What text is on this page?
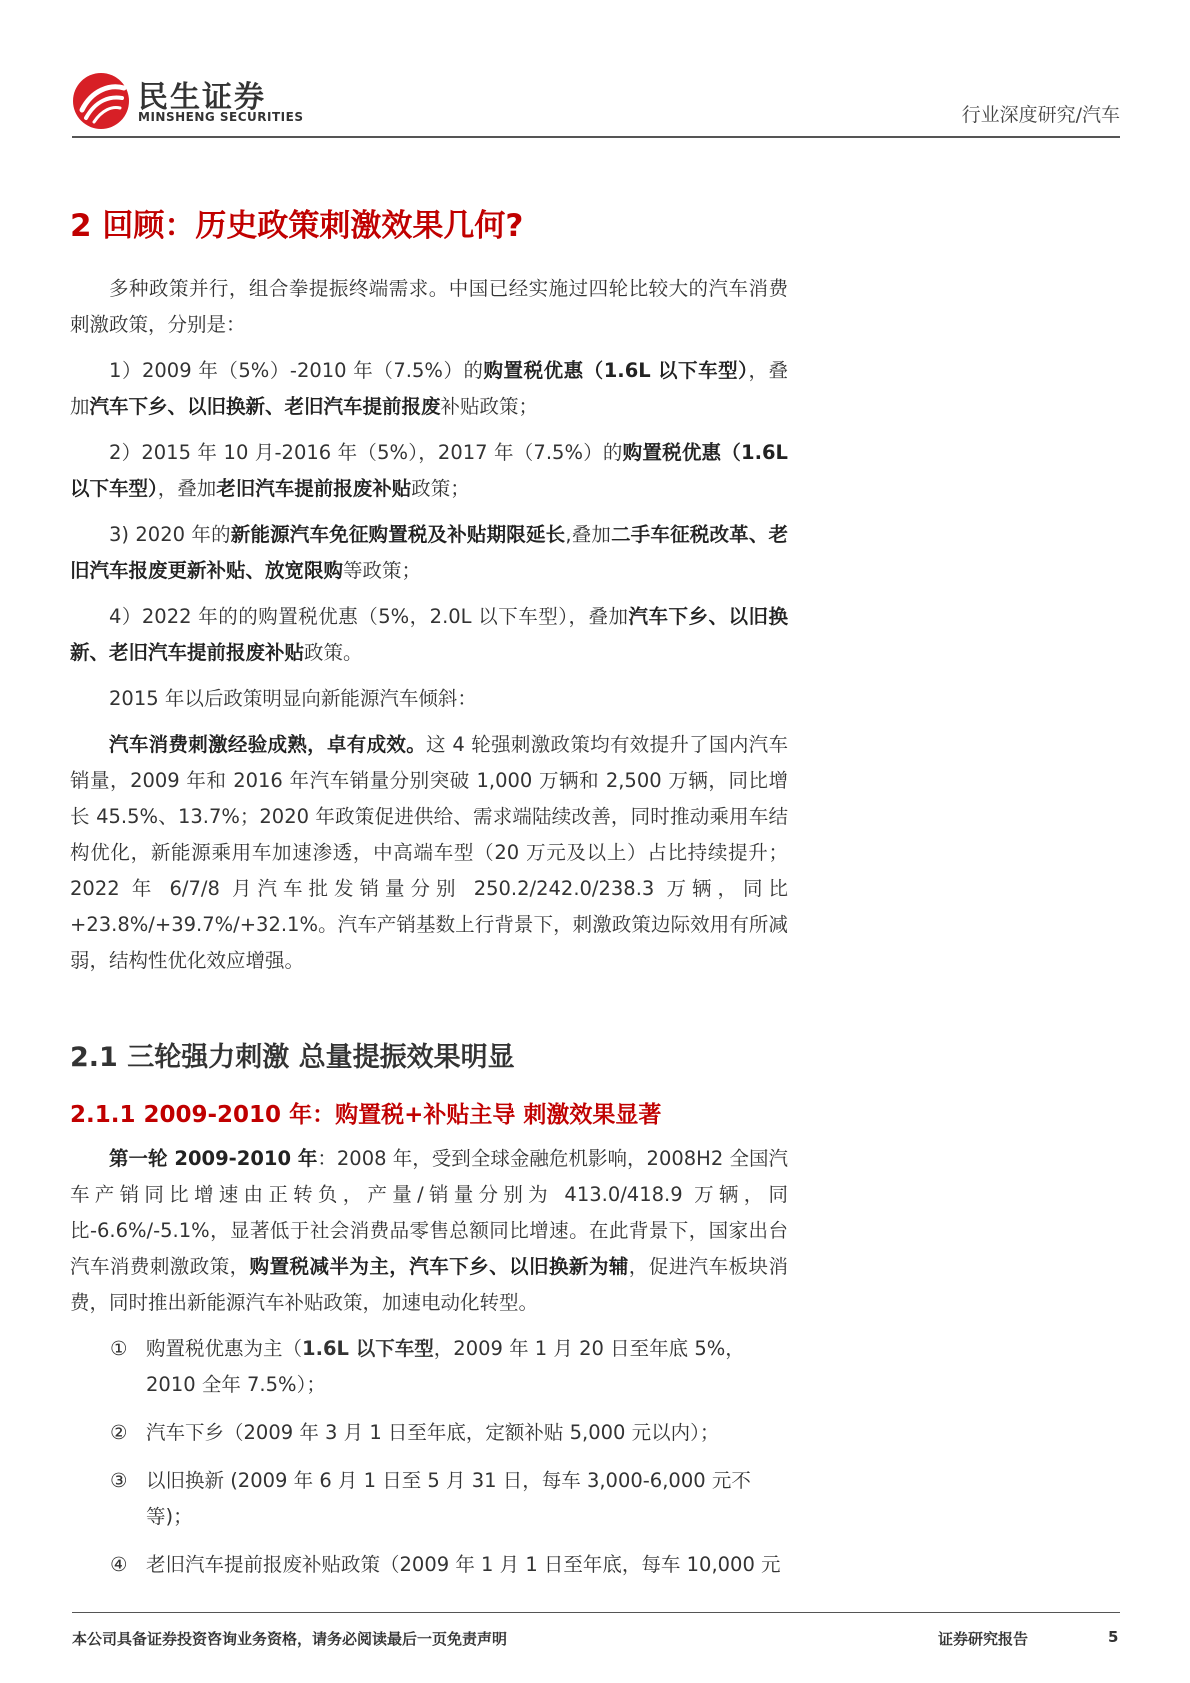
民生证券
MINSHENG SECURITIES	行业深度研究/汽车
2 回顾：历史政策刺激效果几何?

多种政策并行，组合拳提振终端需求。中国已经实施过四轮比较大的汽车消费刺激政策，分别是：

1）2009 年（5%）-2010 年（7.5%）的购置税优惠（1.6L 以下车型），叠加汽车下乡、以旧换新、老旧汽车提前报废补贴政策；

2）2015 年 10 月-2016 年（5%），2017 年（7.5%）的购置税优惠（1.6L 以下车型），叠加老旧汽车提前报废补贴政策；

3) 2020 年的新能源汽车免征购置税及补贴期限延长,叠加二手车征税改革、老旧汽车报废更新补贴、放宽限购等政策；

4）2022 年的的购置税优惠（5%，2.0L 以下车型），叠加汽车下乡、以旧换新、老旧汽车提前报废补贴政策。

2015 年以后政策明显向新能源汽车倾斜：

汽车消费刺激经验成熟，卓有成效。这 4 轮强刺激政策均有效提升了国内汽车销量，2009 年和 2016 年汽车销量分别突破 1,000 万辆和 2,500 万辆，同比增长 45.5%、13.7%；2020 年政策促进供给、需求端陆续改善，同时推动乘用车结构优化，新能源乘用车加速渗透，中高端车型（20 万元及以上）占比持续提升；2022 年 6/7/8 月汽车批发销量分别 250.2/242.0/238.3 万辆，同比+23.8%/+39.7%/+32.1%。汽车产销基数上行背景下，刺激政策边际效用有所减弱，结构性优化效应增强。

2.1 三轮强力刺激 总量提振效果明显
2.1.1 2009-2010 年：购置税+补贴主导 刺激效果显著

第一轮 2009-2010 年：2008 年，受到全球金融危机影响，2008H2 全国汽车产销同比增速由正转负，产量/销量分别为 413.0/418.9 万辆，同比-6.6%/-5.1%，显著低于社会消费品零售总额同比增速。在此背景下，国家出台汽车消费刺激政策，购置税减半为主，汽车下乡、以旧换新为辅，促进汽车板块消费，同时推出新能源汽车补贴政策，加速电动化转型。

① 购置税优惠为主（1.6L 以下车型，2009 年 1 月 20 日至年底 5%，2010 全年 7.5%）；
② 汽车下乡（2009 年 3 月 1 日至年底，定额补贴 5,000 元以内）；
③ 以旧换新 (2009 年 6 月 1 日至 5 月 31 日，每车 3,000-6,000 元不等)；
④ 老旧汽车提前报废补贴政策（2009 年 1 月 1 日至年底，每车 10,000 元
本公司具备证券投资咨询业务资格，请务必阅读最后一页免责声明	证券研究报告	5
